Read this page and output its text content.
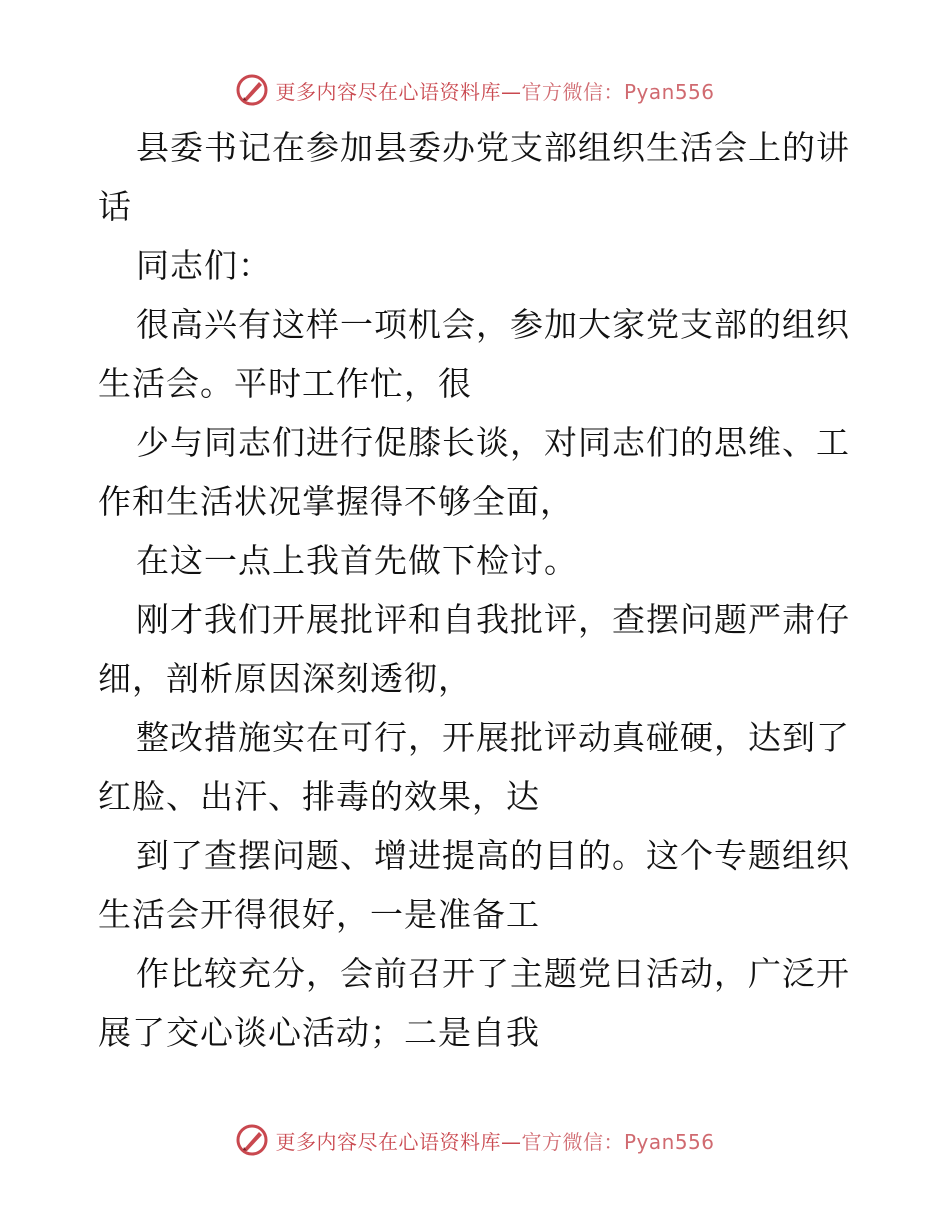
更多内容尽在心语资料库—官方微信：Pyan556
县委书记在参加县委办党支部组织生活会上的讲
话
同志们：
很高兴有这样一项机会，参加大家党支部的组织
生活会。平时工作忙，很
少与同志们进行促膝长谈，对同志们的思维、工
作和生活状况掌握得不够全面，
在这一点上我首先做下检讨。
刚才我们开展批评和自我批评，查摆问题严肃仔
细，剖析原因深刻透彻，
整改措施实在可行，开展批评动真碰硬，达到了
红脸、出汗、排毒的效果，达
到了查摆问题、增进提高的目的。这个专题组织
生活会开得很好，一是准备工
作比较充分，会前召开了主题党日活动，广泛开
展了交心谈心活动；二是自我
更多内容尽在心语资料库—官方微信：Pyan556
